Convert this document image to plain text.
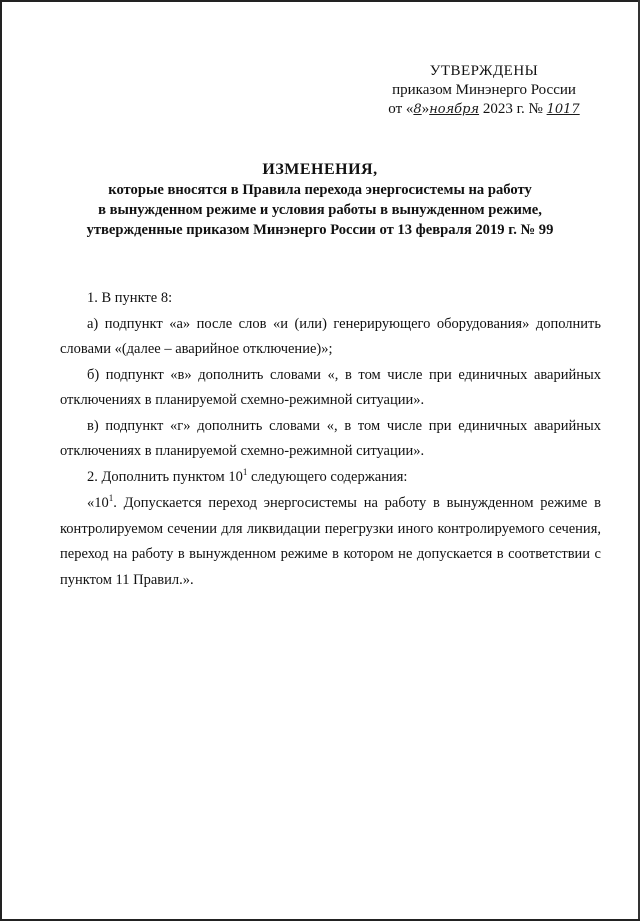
УТВЕРЖДЕНЫ
приказом Минэнерго России
от «8»ноября 2023 г. № 1017
ИЗМЕНЕНИЯ,
которые вносятся в Правила перехода энергосистемы на работу
в вынужденном режиме и условия работы в вынужденном режиме,
утвержденные приказом Минэнерго России от 13 февраля 2019 г. № 99

1. В пункте 8:

а) подпункт «а» после слов «и (или) генерирующего оборудования» дополнить словами «(далее – аварийное отключение)»;

б) подпункт «в» дополнить словами «, в том числе при единичных аварийных отключениях в планируемой схемно-режимной ситуации».

в) подпункт «г» дополнить словами «, в том числе при единичных аварийных отключениях в планируемой схемно-режимной ситуации».

2. Дополнить пунктом $10^1$ следующего содержания:

«$10^1$. Допускается переход энергосистемы на работу в вынужденном режиме в контролируемом сечении для ликвидации перегрузки иного контролируемого сечения, переход на работу в вынужденном режиме в котором не допускается в соответствии с пунктом 11 Правил.».
